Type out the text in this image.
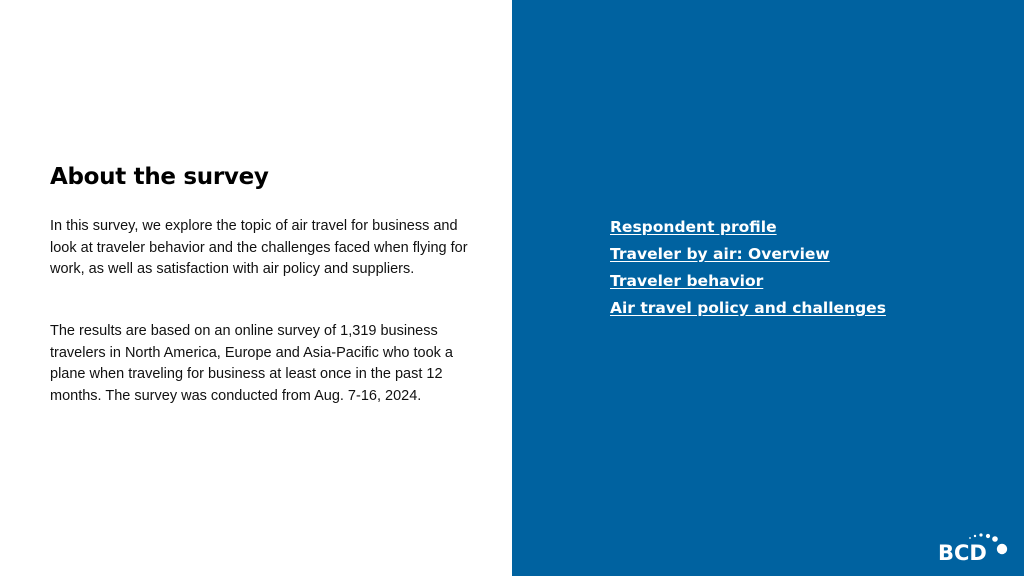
About the survey

In this survey, we explore the topic of air travel for business and look at traveler behavior and the challenges faced when flying for work, as well as satisfaction with air policy and suppliers.

The results are based on an online survey of 1,319 business travelers in North America, Europe and Asia-Pacific who took a plane when traveling for business at least once in the past 12 months. The survey was conducted from Aug. 7-16, 2024.

Respondent profile
Traveler by air: Overview
Traveler behavior
Air travel policy and challenges
BCD
